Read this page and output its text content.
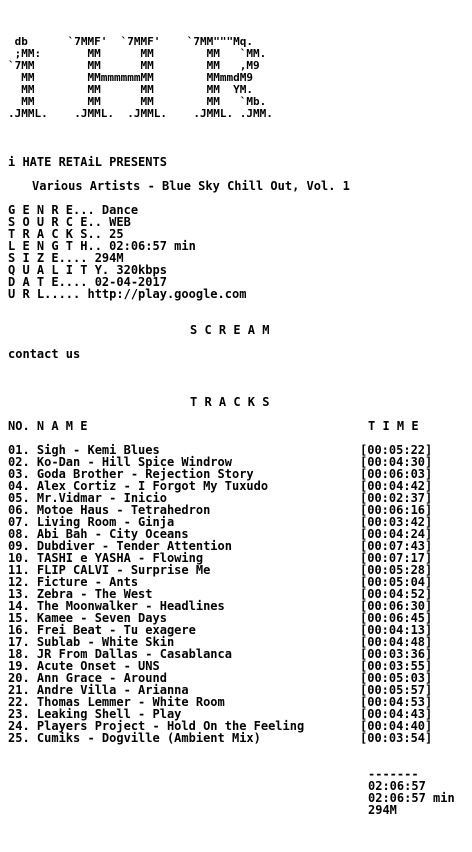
db      `7MMF'  `7MMF'    `7MM"""Mq.
;MM:       MM      MM        MM   `MM.
`7MM        MM      MM        MM   ,M9
MM        MMmmmmmmMM        MMmmdM9
MM        MM      MM        MM  YM.
MM        MM      MM        MM   `Mb.
.JMML.    .JMML.  .JMML.    .JMML. .JMM.
i HATE RETAiL PRESENTS
Various Artists - Blue Sky Chill Out, Vol. 1
G E N R E... Dance
S O U R C E.. WEB
T R A C K S.. 25
L E N G T H.. 02:06:57 min
S I Z E.... 294M
Q U A L I T Y. 320kbps
D A T E.... 02-04-2017
U R L..... http://play.google.com
S C R E A M
contact us
T R A C K S
NO. N A M E	T I M E
01. Sigh - Kemi Blues	[00:05:22]
02. Ko-Dan - Hill Spice Windrow	[00:04:30]
03. Goda Brother - Rejection Story	[00:06:03]
04. Alex Cortiz - I Forgot My Tuxudo	[00:04:42]
05. Mr.Vidmar - Inicio	[00:02:37]
06. Motoe Haus - Tetrahedron	[00:06:16]
07. Living Room - Ginja	[00:03:42]
08. Abi Bah - City Oceans	[00:04:24]
09. Dubdiver - Tender Attention	[00:07:43]
10. TASHI e YASHA - Flowing	[00:07:17]
11. FLIP CALVI - Surprise Me	[00:05:28]
12. Ficture - Ants	[00:05:04]
13. Zebra - The West	[00:04:52]
14. The Moonwalker - Headlines	[00:06:30]
15. Kamee - Seven Days	[00:06:45]
16. Frei Beat - Tu exagere	[00:04:13]
17. Sublab - White Skin	[00:04:48]
18. JR From Dallas - Casablanca	[00:03:36]
19. Acute Onset - UNS	[00:03:55]
20. Ann Grace - Around	[00:05:03]
21. Andre Villa - Arianna	[00:05:57]
22. Thomas Lemmer - White Room	[00:04:53]
23. Leaking Shell - Play	[00:04:43]
24. Players Project - Hold On the Feeling	[00:04:40]
25. Cumiks - Dogville (Ambient Mix)	[00:03:54]
-------
02:06:57
02:06:57 min
294M
